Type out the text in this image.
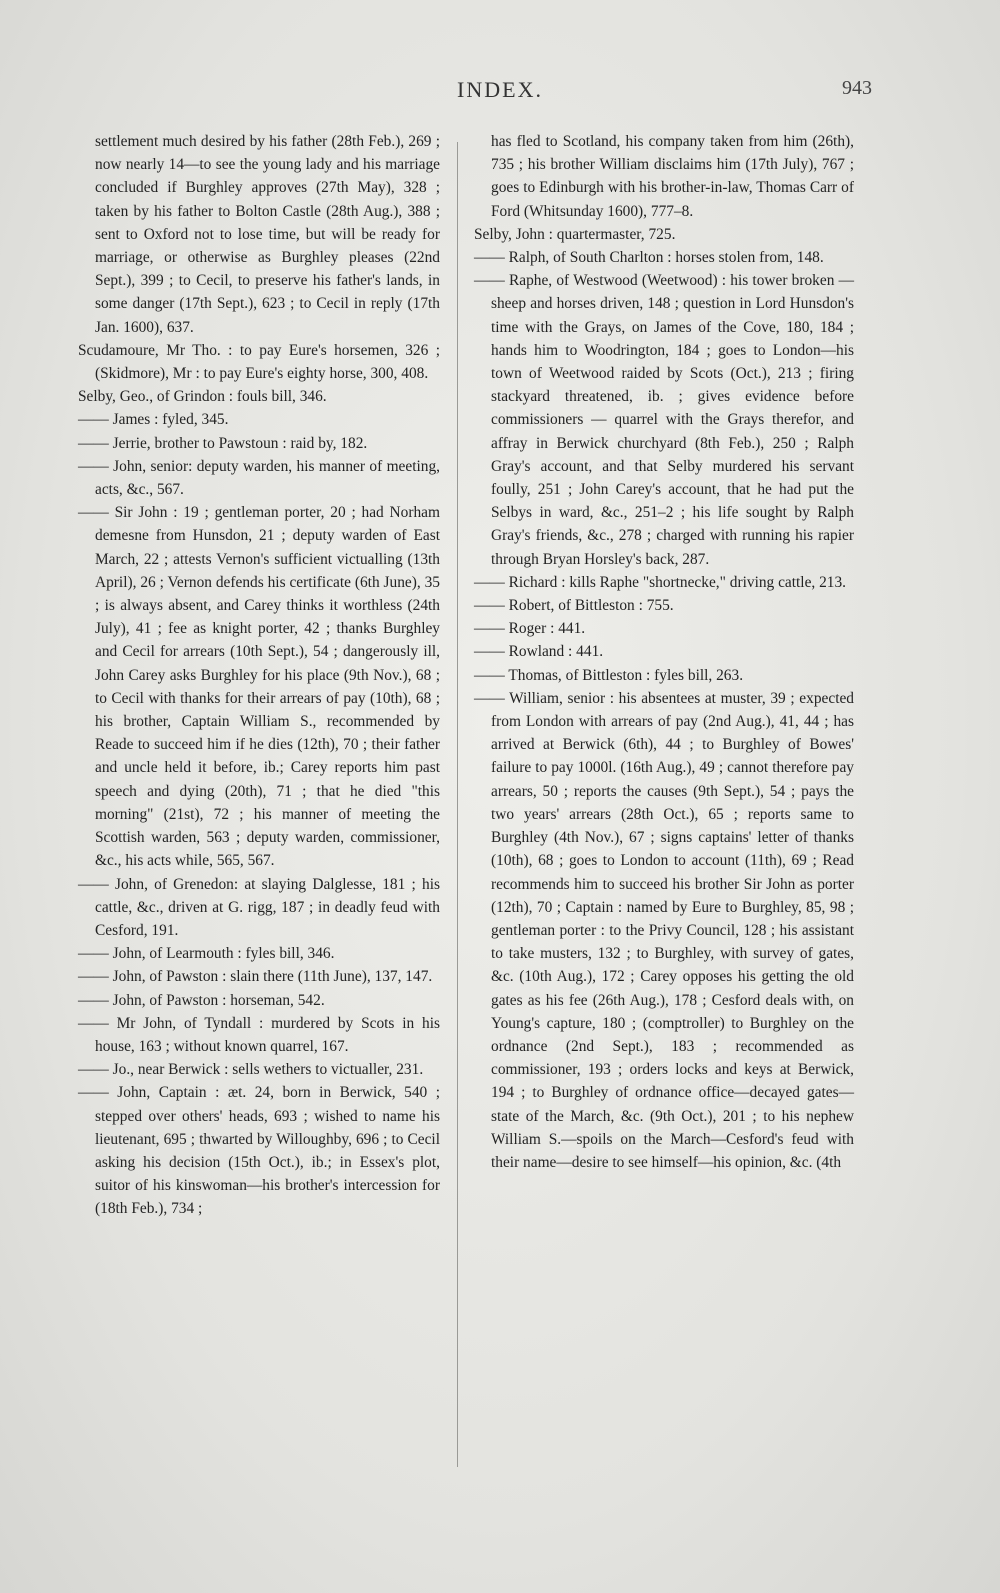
INDEX.	943

settlement much desired by his father (28th Feb.), 269 ; now nearly 14—to see the young lady and his marriage concluded if Burghley approves (27th May), 328 ; taken by his father to Bolton Castle (28th Aug.), 388 ; sent to Oxford not to lose time, but will be ready for marriage, or otherwise as Burghley pleases (22nd Sept.), 399 ; to Cecil, to preserve his father's lands, in some danger (17th Sept.), 623 ; to Cecil in reply (17th Jan. 1600), 637.

Scudamoure, Mr Tho. : to pay Eure's horsemen, 326 ; (Skidmore), Mr : to pay Eure's eighty horse, 300, 408.

Selby, Geo., of Grindon : fouls bill, 346.

—— James : fyled, 345.

—— Jerrie, brother to Pawstoun : raid by, 182.

—— John, senior: deputy warden, his manner of meeting, acts, &c., 567.

—— Sir John : 19 ; gentleman porter, 20 ; had Norham demesne from Hunsdon, 21 ; deputy warden of East March, 22 ; attests Vernon's sufficient victualling (13th April), 26 ; Vernon defends his certificate (6th June), 35 ; is always absent, and Carey thinks it worthless (24th July), 41 ; fee as knight porter, 42 ; thanks Burghley and Cecil for arrears (10th Sept.), 54 ; dangerously ill, John Carey asks Burghley for his place (9th Nov.), 68 ; to Cecil with thanks for their arrears of pay (10th), 68 ; his brother, Captain William S., recommended by Reade to succeed him if he dies (12th), 70 ; their father and uncle held it before, ib.; Carey reports him past speech and dying (20th), 71 ; that he died "this morning" (21st), 72 ; his manner of meeting the Scottish warden, 563 ; deputy warden, commissioner, &c., his acts while, 565, 567.

—— John, of Grenedon: at slaying Dalglesse, 181 ; his cattle, &c., driven at G. rigg, 187 ; in deadly feud with Cesford, 191.

—— John, of Learmouth : fyles bill, 346.

—— John, of Pawston : slain there (11th June), 137, 147.

—— John, of Pawston : horseman, 542.

—— Mr John, of Tyndall : murdered by Scots in his house, 163 ; without known quarrel, 167.

—— Jo., near Berwick : sells wethers to victualler, 231.

—— John, Captain : æt. 24, born in Berwick, 540 ; stepped over others' heads, 693 ; wished to name his lieutenant, 695 ; thwarted by Willoughby, 696 ; to Cecil asking his decision (15th Oct.), ib.; in Essex's plot, suitor of his kinswoman—his brother's intercession for (18th Feb.), 734 ;

has fled to Scotland, his company taken from him (26th), 735 ; his brother William disclaims him (17th July), 767 ; goes to Edinburgh with his brother-in-law, Thomas Carr of Ford (Whitsunday 1600), 777–8.

Selby, John : quartermaster, 725.

—— Ralph, of South Charlton : horses stolen from, 148.

—— Raphe, of Westwood (Weetwood) : his tower broken — sheep and horses driven, 148 ; question in Lord Hunsdon's time with the Grays, on James of the Cove, 180, 184 ; hands him to Woodrington, 184 ; goes to London—his town of Weetwood raided by Scots (Oct.), 213 ; firing stackyard threatened, ib. ; gives evidence before commissioners — quarrel with the Grays therefor, and affray in Berwick churchyard (8th Feb.), 250 ; Ralph Gray's account, and that Selby murdered his servant foully, 251 ; John Carey's account, that he had put the Selbys in ward, &c., 251–2 ; his life sought by Ralph Gray's friends, &c., 278 ; charged with running his rapier through Bryan Horsley's back, 287.

—— Richard : kills Raphe "shortnecke," driving cattle, 213.

—— Robert, of Bittleston : 755.

—— Roger : 441.

—— Rowland : 441.

—— Thomas, of Bittleston : fyles bill, 263.

—— William, senior : his absentees at muster, 39 ; expected from London with arrears of pay (2nd Aug.), 41, 44 ; has arrived at Berwick (6th), 44 ; to Burghley of Bowes' failure to pay 1000l. (16th Aug.), 49 ; cannot therefore pay arrears, 50 ; reports the causes (9th Sept.), 54 ; pays the two years' arrears (28th Oct.), 65 ; reports same to Burghley (4th Nov.), 67 ; signs captains' letter of thanks (10th), 68 ; goes to London to account (11th), 69 ; Read recommends him to succeed his brother Sir John as porter (12th), 70 ; Captain : named by Eure to Burghley, 85, 98 ; gentleman porter : to the Privy Council, 128 ; his assistant to take musters, 132 ; to Burghley, with survey of gates, &c. (10th Aug.), 172 ; Carey opposes his getting the old gates as his fee (26th Aug.), 178 ; Cesford deals with, on Young's capture, 180 ; (comptroller) to Burghley on the ordnance (2nd Sept.), 183 ; recommended as commissioner, 193 ; orders locks and keys at Berwick, 194 ; to Burghley of ordnance office—decayed gates—state of the March, &c. (9th Oct.), 201 ; to his nephew William S.—spoils on the March—Cesford's feud with their name—desire to see himself—his opinion, &c. (4th
